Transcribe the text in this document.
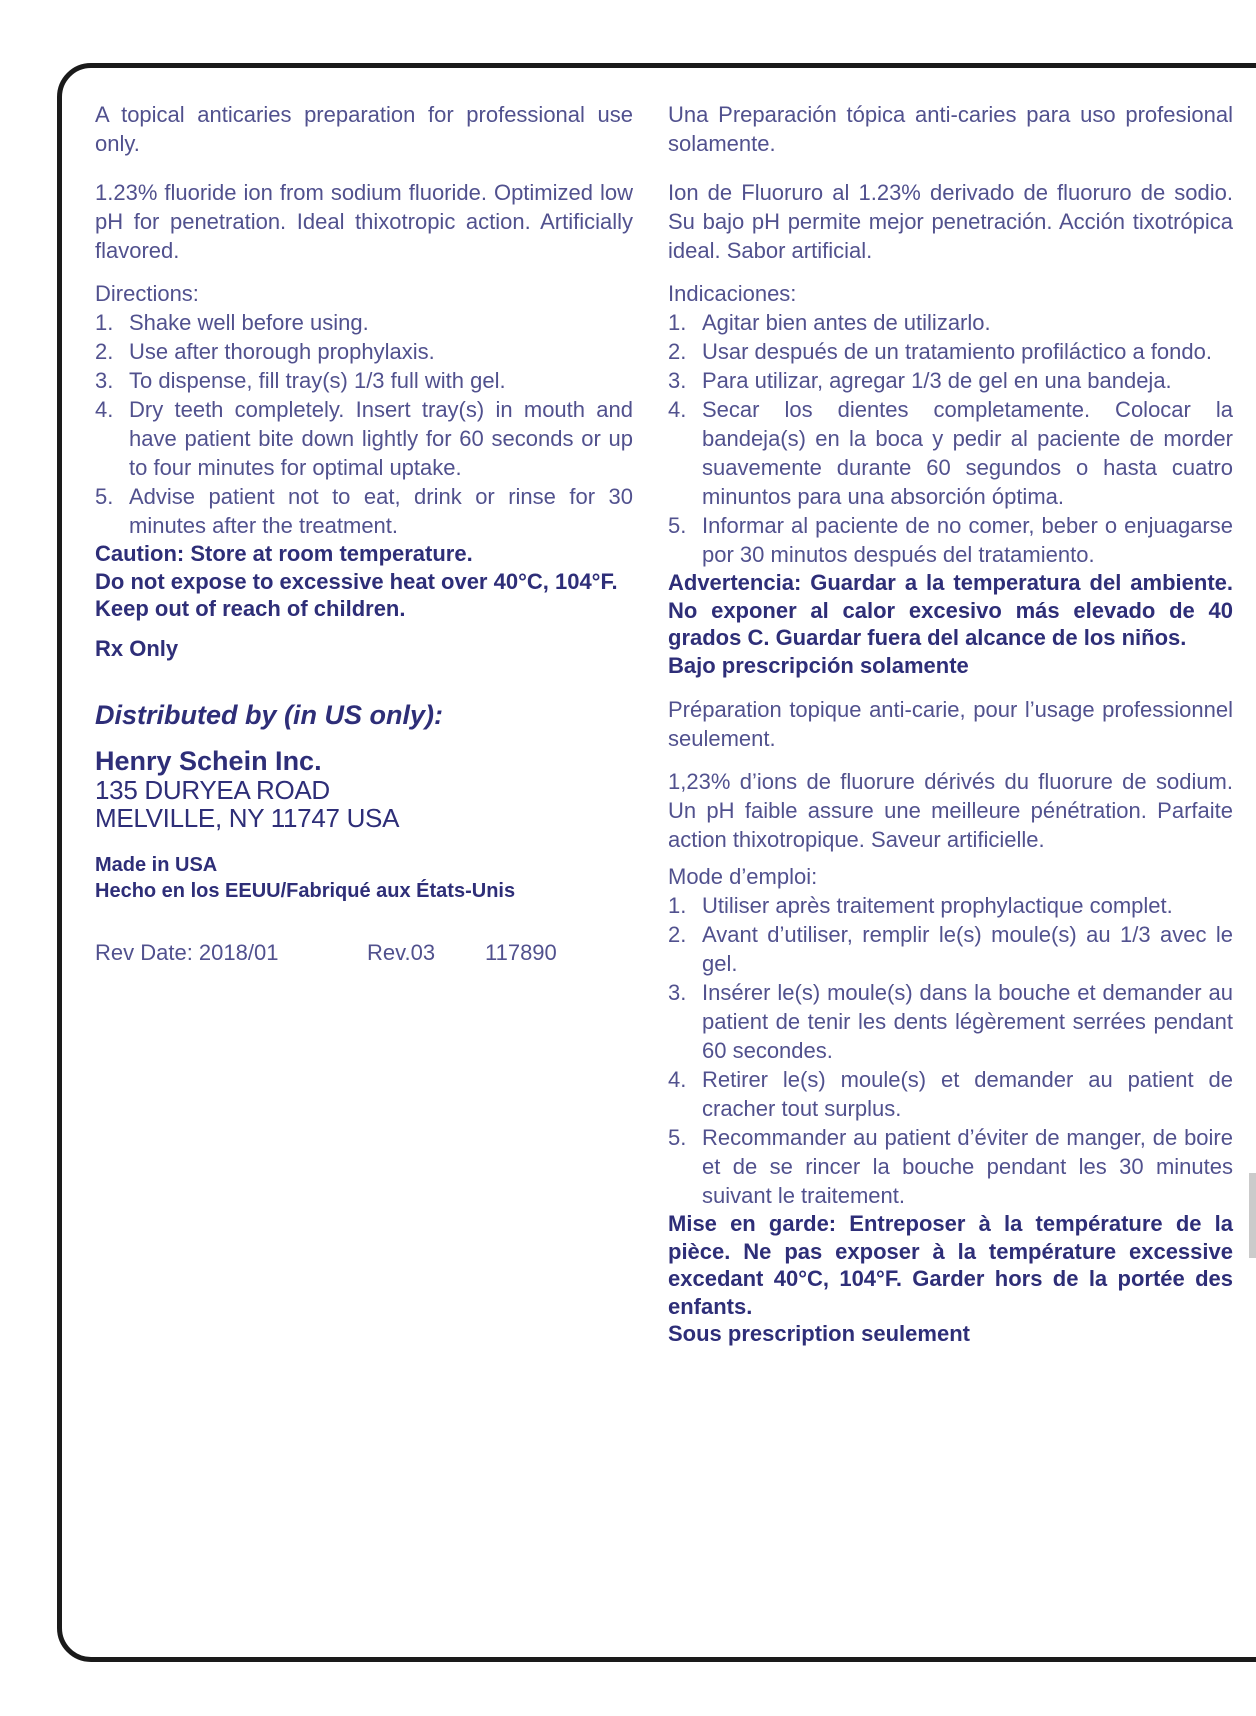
A topical anticaries preparation for professional use only.

1.23% fluoride ion from sodium fluoride. Optimized low pH for penetration. Ideal thixotropic action. Artificially flavored.

Directions:
1. Shake well before using.
2. Use after thorough prophylaxis.
3. To dispense, fill tray(s) 1/3 full with gel.
4. Dry teeth completely. Insert tray(s) in mouth and have patient bite down lightly for 60 seconds or up to four minutes for optimal uptake.
5. Advise patient not to eat, drink or rinse for 30 minutes after the treatment.
Caution: Store at room temperature.
Do not expose to excessive heat over 40°C, 104°F.
Keep out of reach of children.
Rx Only
Distributed by (in US only):
Henry Schein Inc.
135 DURYEA ROAD
MELVILLE, NY 11747 USA
Made in USA
Hecho en los EEUU/Fabriqué aux États-Unis
Rev Date: 2018/01	Rev.03 117890

Una Preparación tópica anti-caries para uso profesional solamente.

Ion de Fluoruro al 1.23% derivado de fluoruro de sodio. Su bajo pH permite mejor penetración. Acción tixotrópica ideal. Sabor artificial.

Indicaciones:
1. Agitar bien antes de utilizarlo.
2. Usar después de un tratamiento profiláctico a fondo.
3. Para utilizar, agregar 1/3 de gel en una bandeja.
4. Secar los dientes completamente. Colocar la bandeja(s) en la boca y pedir al paciente de morder suavemente durante 60 segundos o hasta cuatro minuntos para una absorción óptima.
5. Informar al paciente de no comer, beber o enjuagarse por 30 minutos después del tratamiento.

Advertencia: Guardar a la temperatura del ambiente. No exponer al calor excesivo más elevado de 40 grados C. Guardar fuera del alcance de los niños.

Bajo prescripción solamente

Préparation topique anti-carie, pour l’usage professionnel seulement.

1,23% d’ions de fluorure dérivés du fluorure de sodium. Un pH faible assure une meilleure pénétration. Parfaite action thixotropique. Saveur artificielle.

Mode d’emploi:
1. Utiliser après traitement prophylactique complet.
2. Avant d’utiliser, remplir le(s) moule(s) au 1/3 avec le gel.
3. Insérer le(s) moule(s) dans la bouche et demander au patient de tenir les dents légèrement serrées pendant 60 secondes.
4. Retirer le(s) moule(s) et demander au patient de cracher tout surplus.
5. Recommander au patient d’éviter de manger, de boire et de se rincer la bouche pendant les 30 minutes suivant le traitement.

Mise en garde: Entreposer à la température de la pièce. Ne pas exposer à la température excessive excedant 40°C, 104°F. Garder hors de la portée des enfants.

Sous prescription seulement
